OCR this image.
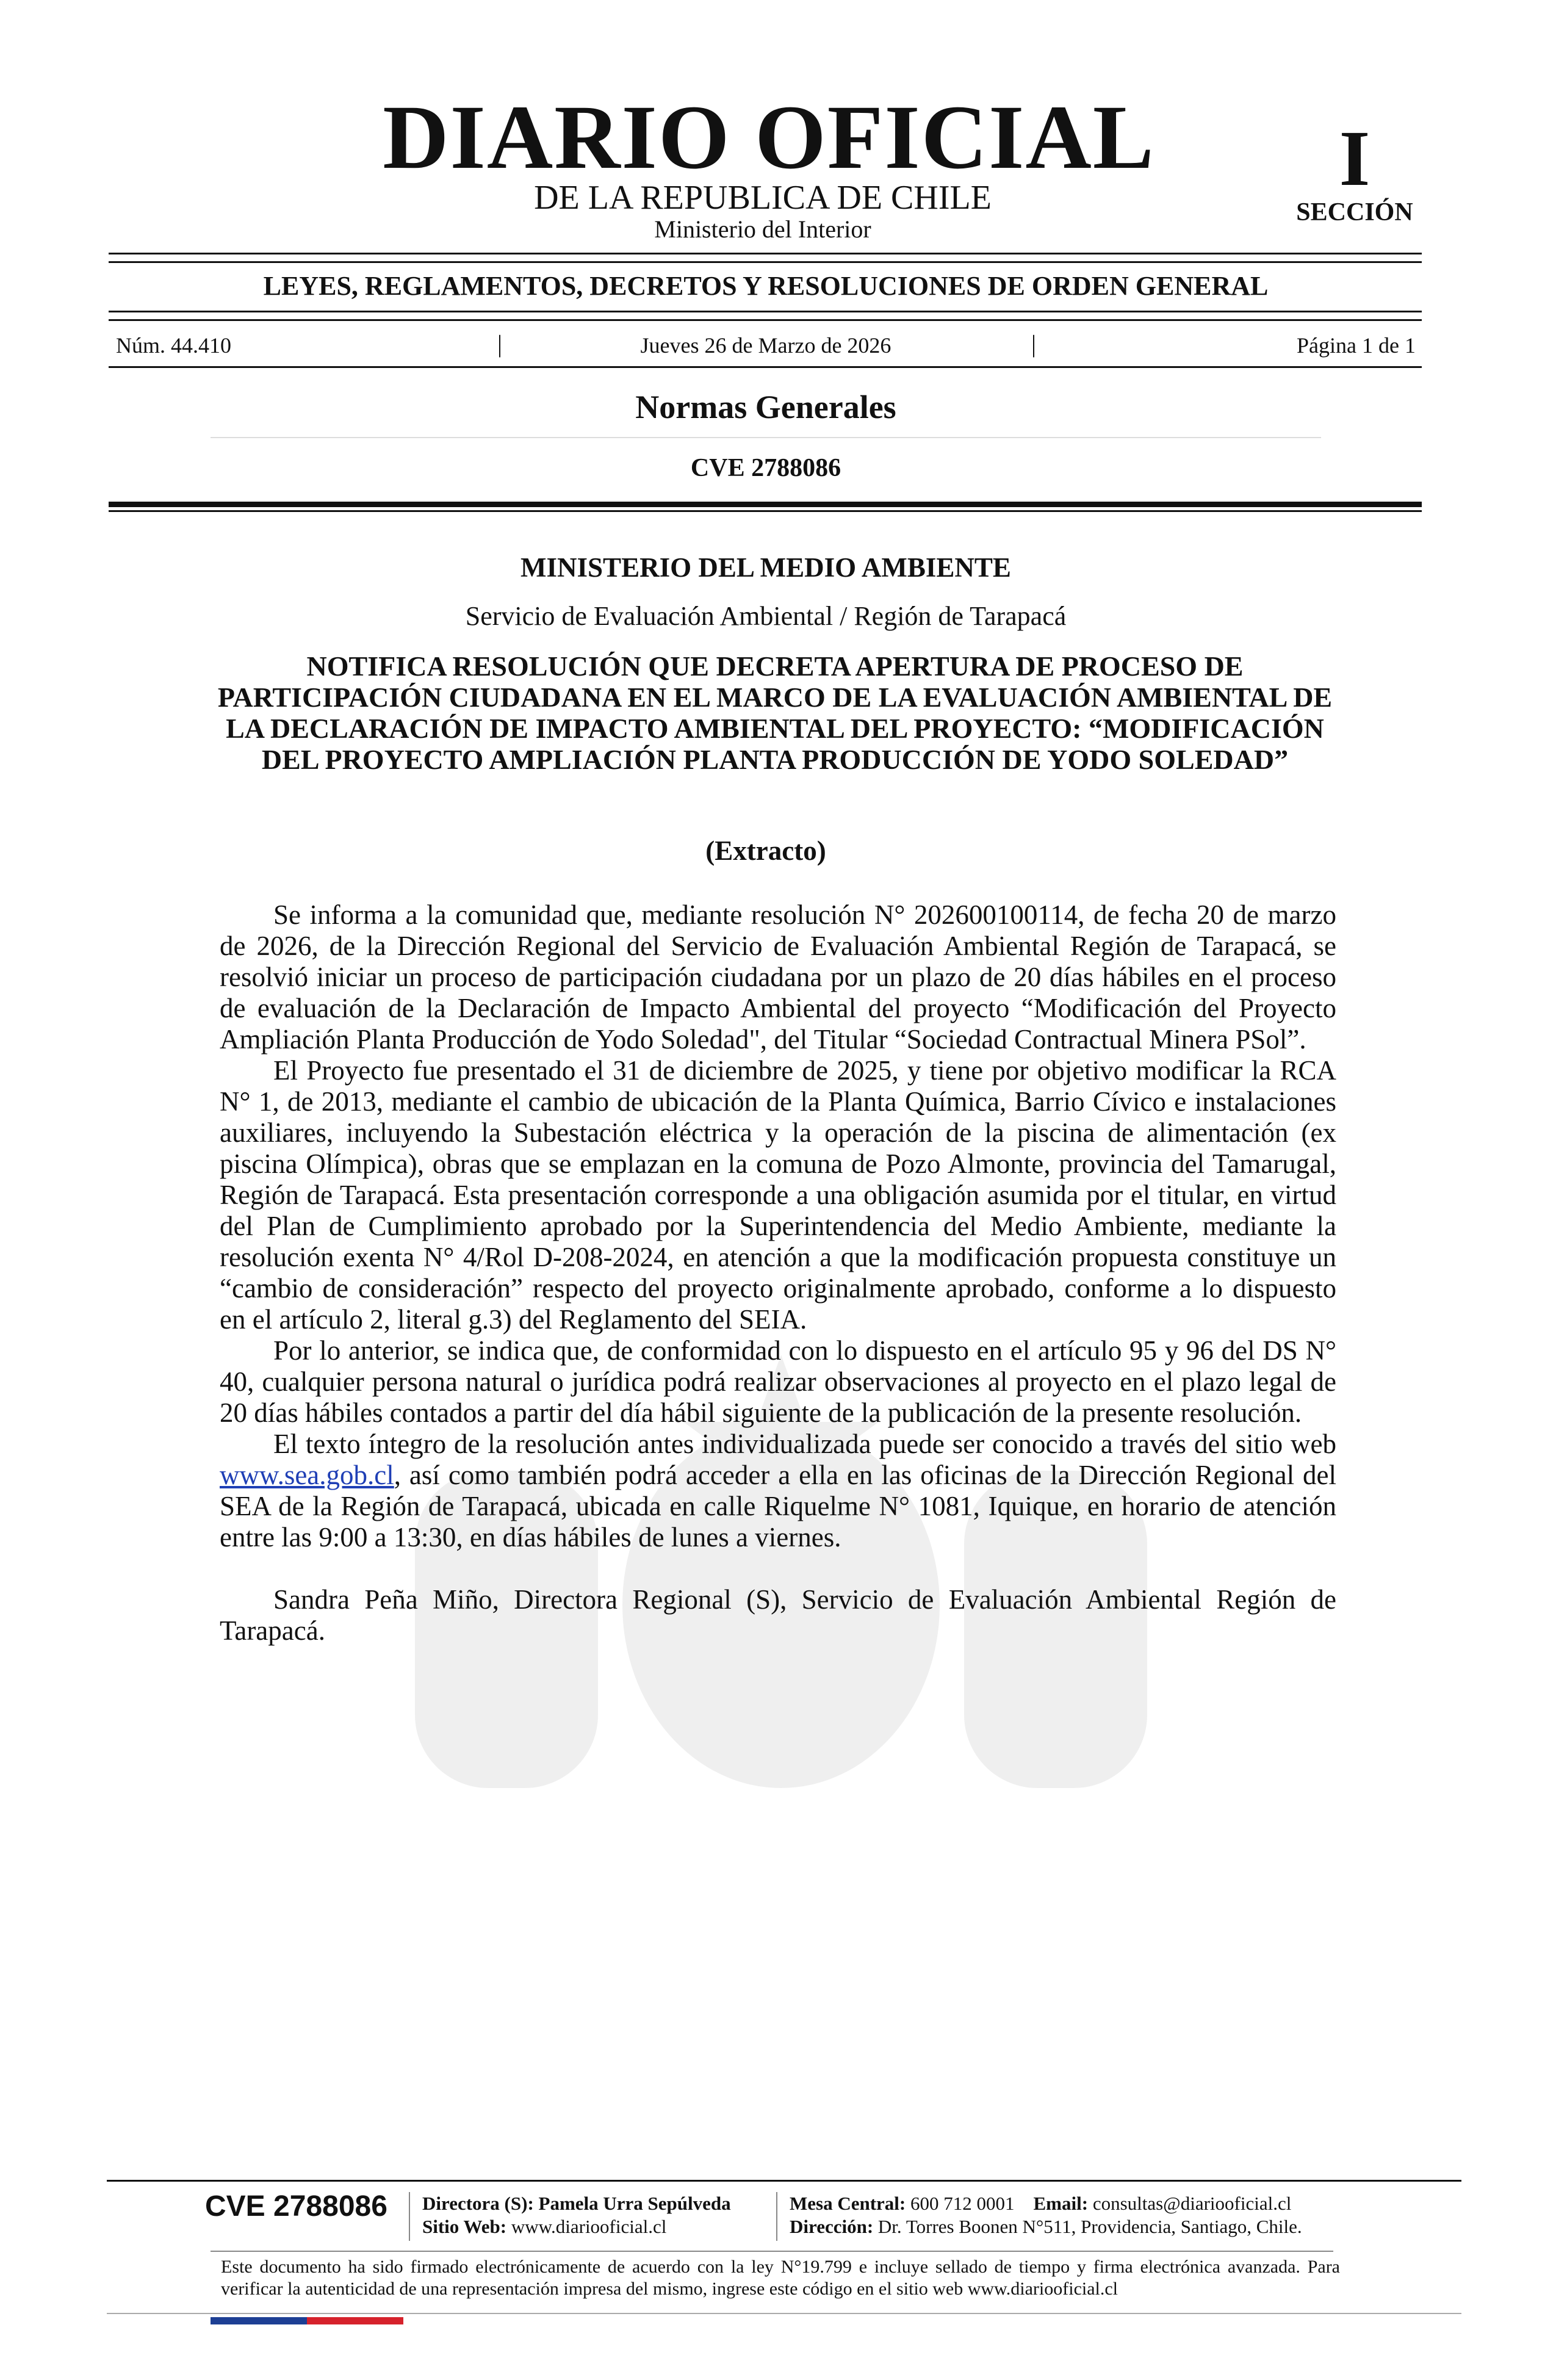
DIARIO OFICIAL
DE LA REPUBLICA DE CHILE
Ministerio del Interior
I
SECCIÓN
LEYES, REGLAMENTOS, DECRETOS Y RESOLUCIONES DE ORDEN GENERAL
Núm. 44.410	|	Jueves 26 de Marzo de 2026	|	Página 1 de 1
Normas Generales
CVE 2788086
MINISTERIO DEL MEDIO AMBIENTE
Servicio de Evaluación Ambiental / Región de Tarapacá
NOTIFICA RESOLUCIÓN QUE DECRETA APERTURA DE PROCESO DE PARTICIPACIÓN CIUDADANA EN EL MARCO DE LA EVALUACIÓN AMBIENTAL DE LA DECLARACIÓN DE IMPACTO AMBIENTAL DEL PROYECTO: “MODIFICACIÓN DEL PROYECTO AMPLIACIÓN PLANTA PRODUCCIÓN DE YODO SOLEDAD”
(Extracto)

Se informa a la comunidad que, mediante resolución N° 202600100114, de fecha 20 de marzo de 2026, de la Dirección Regional del Servicio de Evaluación Ambiental Región de Tarapacá, se resolvió iniciar un proceso de participación ciudadana por un plazo de 20 días hábiles en el proceso de evaluación de la Declaración de Impacto Ambiental del proyecto “Modificación del Proyecto Ampliación Planta Producción de Yodo Soledad", del Titular “Sociedad Contractual Minera PSol”.

El Proyecto fue presentado el 31 de diciembre de 2025, y tiene por objetivo modificar la RCA N° 1, de 2013, mediante el cambio de ubicación de la Planta Química, Barrio Cívico e instalaciones auxiliares, incluyendo la Subestación eléctrica y la operación de la piscina de alimentación (ex piscina Olímpica), obras que se emplazan en la comuna de Pozo Almonte, provincia del Tamarugal, Región de Tarapacá. Esta presentación corresponde a una obligación asumida por el titular, en virtud del Plan de Cumplimiento aprobado por la Superintendencia del Medio Ambiente, mediante la resolución exenta N° 4/Rol D-208-2024, en atención a que la modificación propuesta constituye un “cambio de consideración” respecto del proyecto originalmente aprobado, conforme a lo dispuesto en el artículo 2, literal g.3) del Reglamento del SEIA.

Por lo anterior, se indica que, de conformidad con lo dispuesto en el artículo 95 y 96 del DS N° 40, cualquier persona natural o jurídica podrá realizar observaciones al proyecto en el plazo legal de 20 días hábiles contados a partir del día hábil siguiente de la publicación de la presente resolución.

El texto íntegro de la resolución antes individualizada puede ser conocido a través del sitio web www.sea.gob.cl, así como también podrá acceder a ella en las oficinas de la Dirección Regional del SEA de la Región de Tarapacá, ubicada en calle Riquelme N° 1081, Iquique, en horario de atención entre las 9:00 a 13:30, en días hábiles de lunes a viernes.

Sandra Peña Miño, Directora Regional (S), Servicio de Evaluación Ambiental Región de Tarapacá.

CVE 2788086 Directora (S): Pamela Urra Sepúlveda
Sitio Web: www.diariooficial.cl
Mesa Central: 600 712 0001 Email: consultas@diariooficial.cl
Dirección: Dr. Torres Boonen N°511, Providencia, Santiago, Chile.
Este documento ha sido firmado electrónicamente de acuerdo con la ley N°19.799 e incluye sellado de tiempo y firma electrónica avanzada. Para verificar la autenticidad de una representación impresa del mismo, ingrese este código en el sitio web www.diariooficial.cl
